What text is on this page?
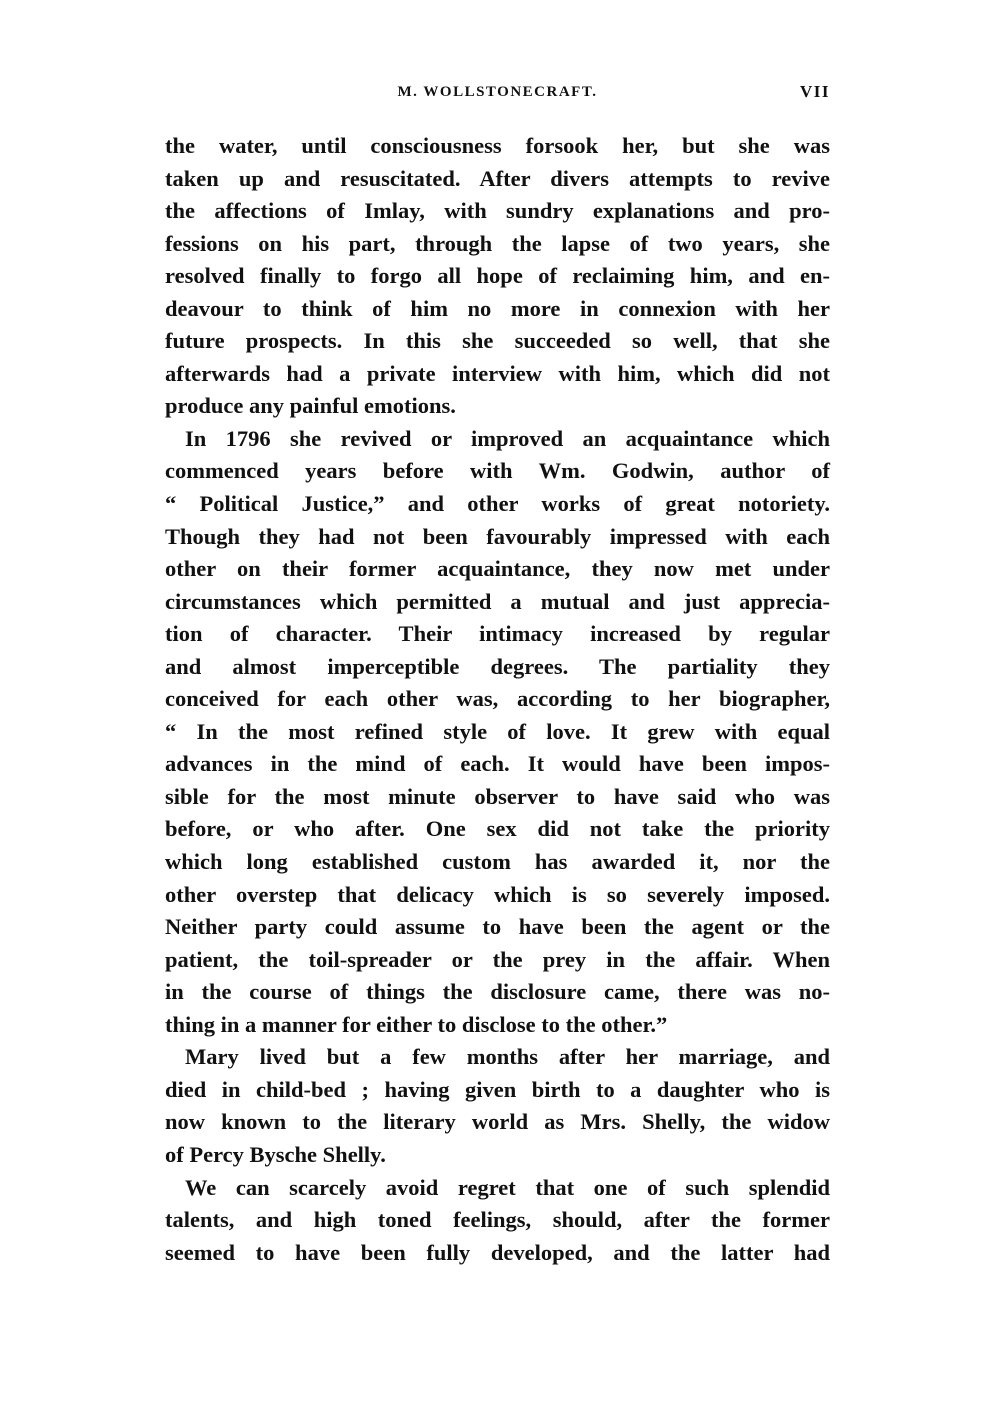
M. WOLLSTONECRAFT.	VII
the water, until consciousness forsook her, but she was
taken up and resuscitated. After divers attempts to revive
the affections of Imlay, with sundry explanations and pro-
fessions on his part, through the lapse of two years, she
resolved finally to forgo all hope of reclaiming him, and en-
deavour to think of him no more in connexion with her
future prospects. In this she succeeded so well, that she
afterwards had a private interview with him, which did not
produce any painful emotions.
In 1796 she revived or improved an acquaintance which
commenced years before with Wm. Godwin, author of
“ Political Justice,” and other works of great notoriety.
Though they had not been favourably impressed with each
other on their former acquaintance, they now met under
circumstances which permitted a mutual and just apprecia-
tion of character. Their intimacy increased by regular
and almost imperceptible degrees. The partiality they
conceived for each other was, according to her biographer,
“ In the most refined style of love. It grew with equal
advances in the mind of each. It would have been impos-
sible for the most minute observer to have said who was
before, or who after. One sex did not take the priority
which long established custom has awarded it, nor the
other overstep that delicacy which is so severely imposed.
Neither party could assume to have been the agent or the
patient, the toil-spreader or the prey in the affair. When
in the course of things the disclosure came, there was no-
thing in a manner for either to disclose to the other.”
Mary lived but a few months after her marriage, and
died in child-bed ; having given birth to a daughter who is
now known to the literary world as Mrs. Shelly, the widow
of Percy Bysche Shelly.
We can scarcely avoid regret that one of such splendid
talents, and high toned feelings, should, after the former
seemed to have been fully developed, and the latter had
